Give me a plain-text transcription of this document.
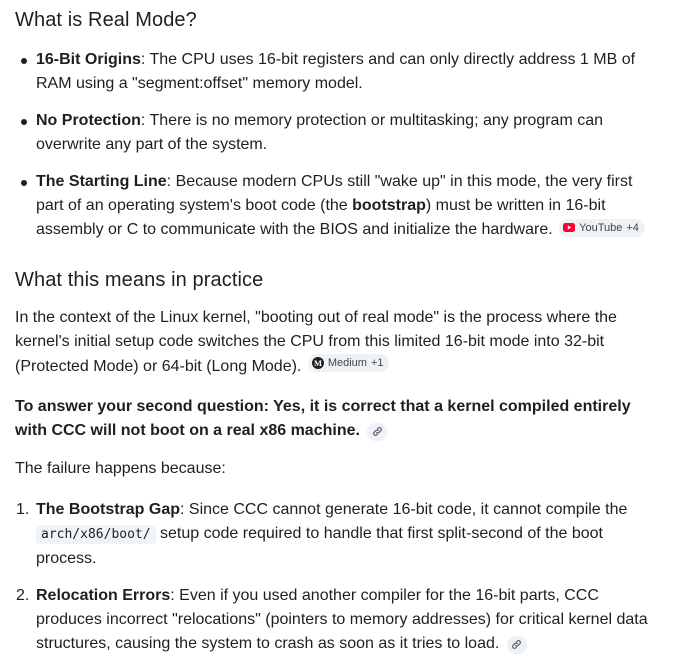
What is Real Mode?
16-Bit Origins: The CPU uses 16-bit registers and can only directly address 1 MB of RAM using a "segment:offset" memory model.
No Protection: There is no memory protection or multitasking; any program can overwrite any part of the system.
The Starting Line: Because modern CPUs still "wake up" in this mode, the very first part of an operating system's boot code (the bootstrap) must be written in 16-bit assembly or C to communicate with the BIOS and initialize the hardware. YouTube +4
What this means in practice

In the context of the Linux kernel, "booting out of real mode" is the process where the kernel's initial setup code switches the CPU from this limited 16-bit mode into 32-bit (Protected Mode) or 64-bit (Long Mode). M Medium +1

To answer your second question: Yes, it is correct that a kernel compiled entirely with CCC will not boot on a real x86 machine.

The failure happens because:

1. The Bootstrap Gap: Since CCC cannot generate 16-bit code, it cannot compile the arch/x86/boot/ setup code required to handle that first split-second of the boot process.
2. Relocation Errors: Even if you used another compiler for the 16-bit parts, CCC produces incorrect "relocations" (pointers to memory addresses) for critical kernel data structures, causing the system to crash as soon as it tries to load.
